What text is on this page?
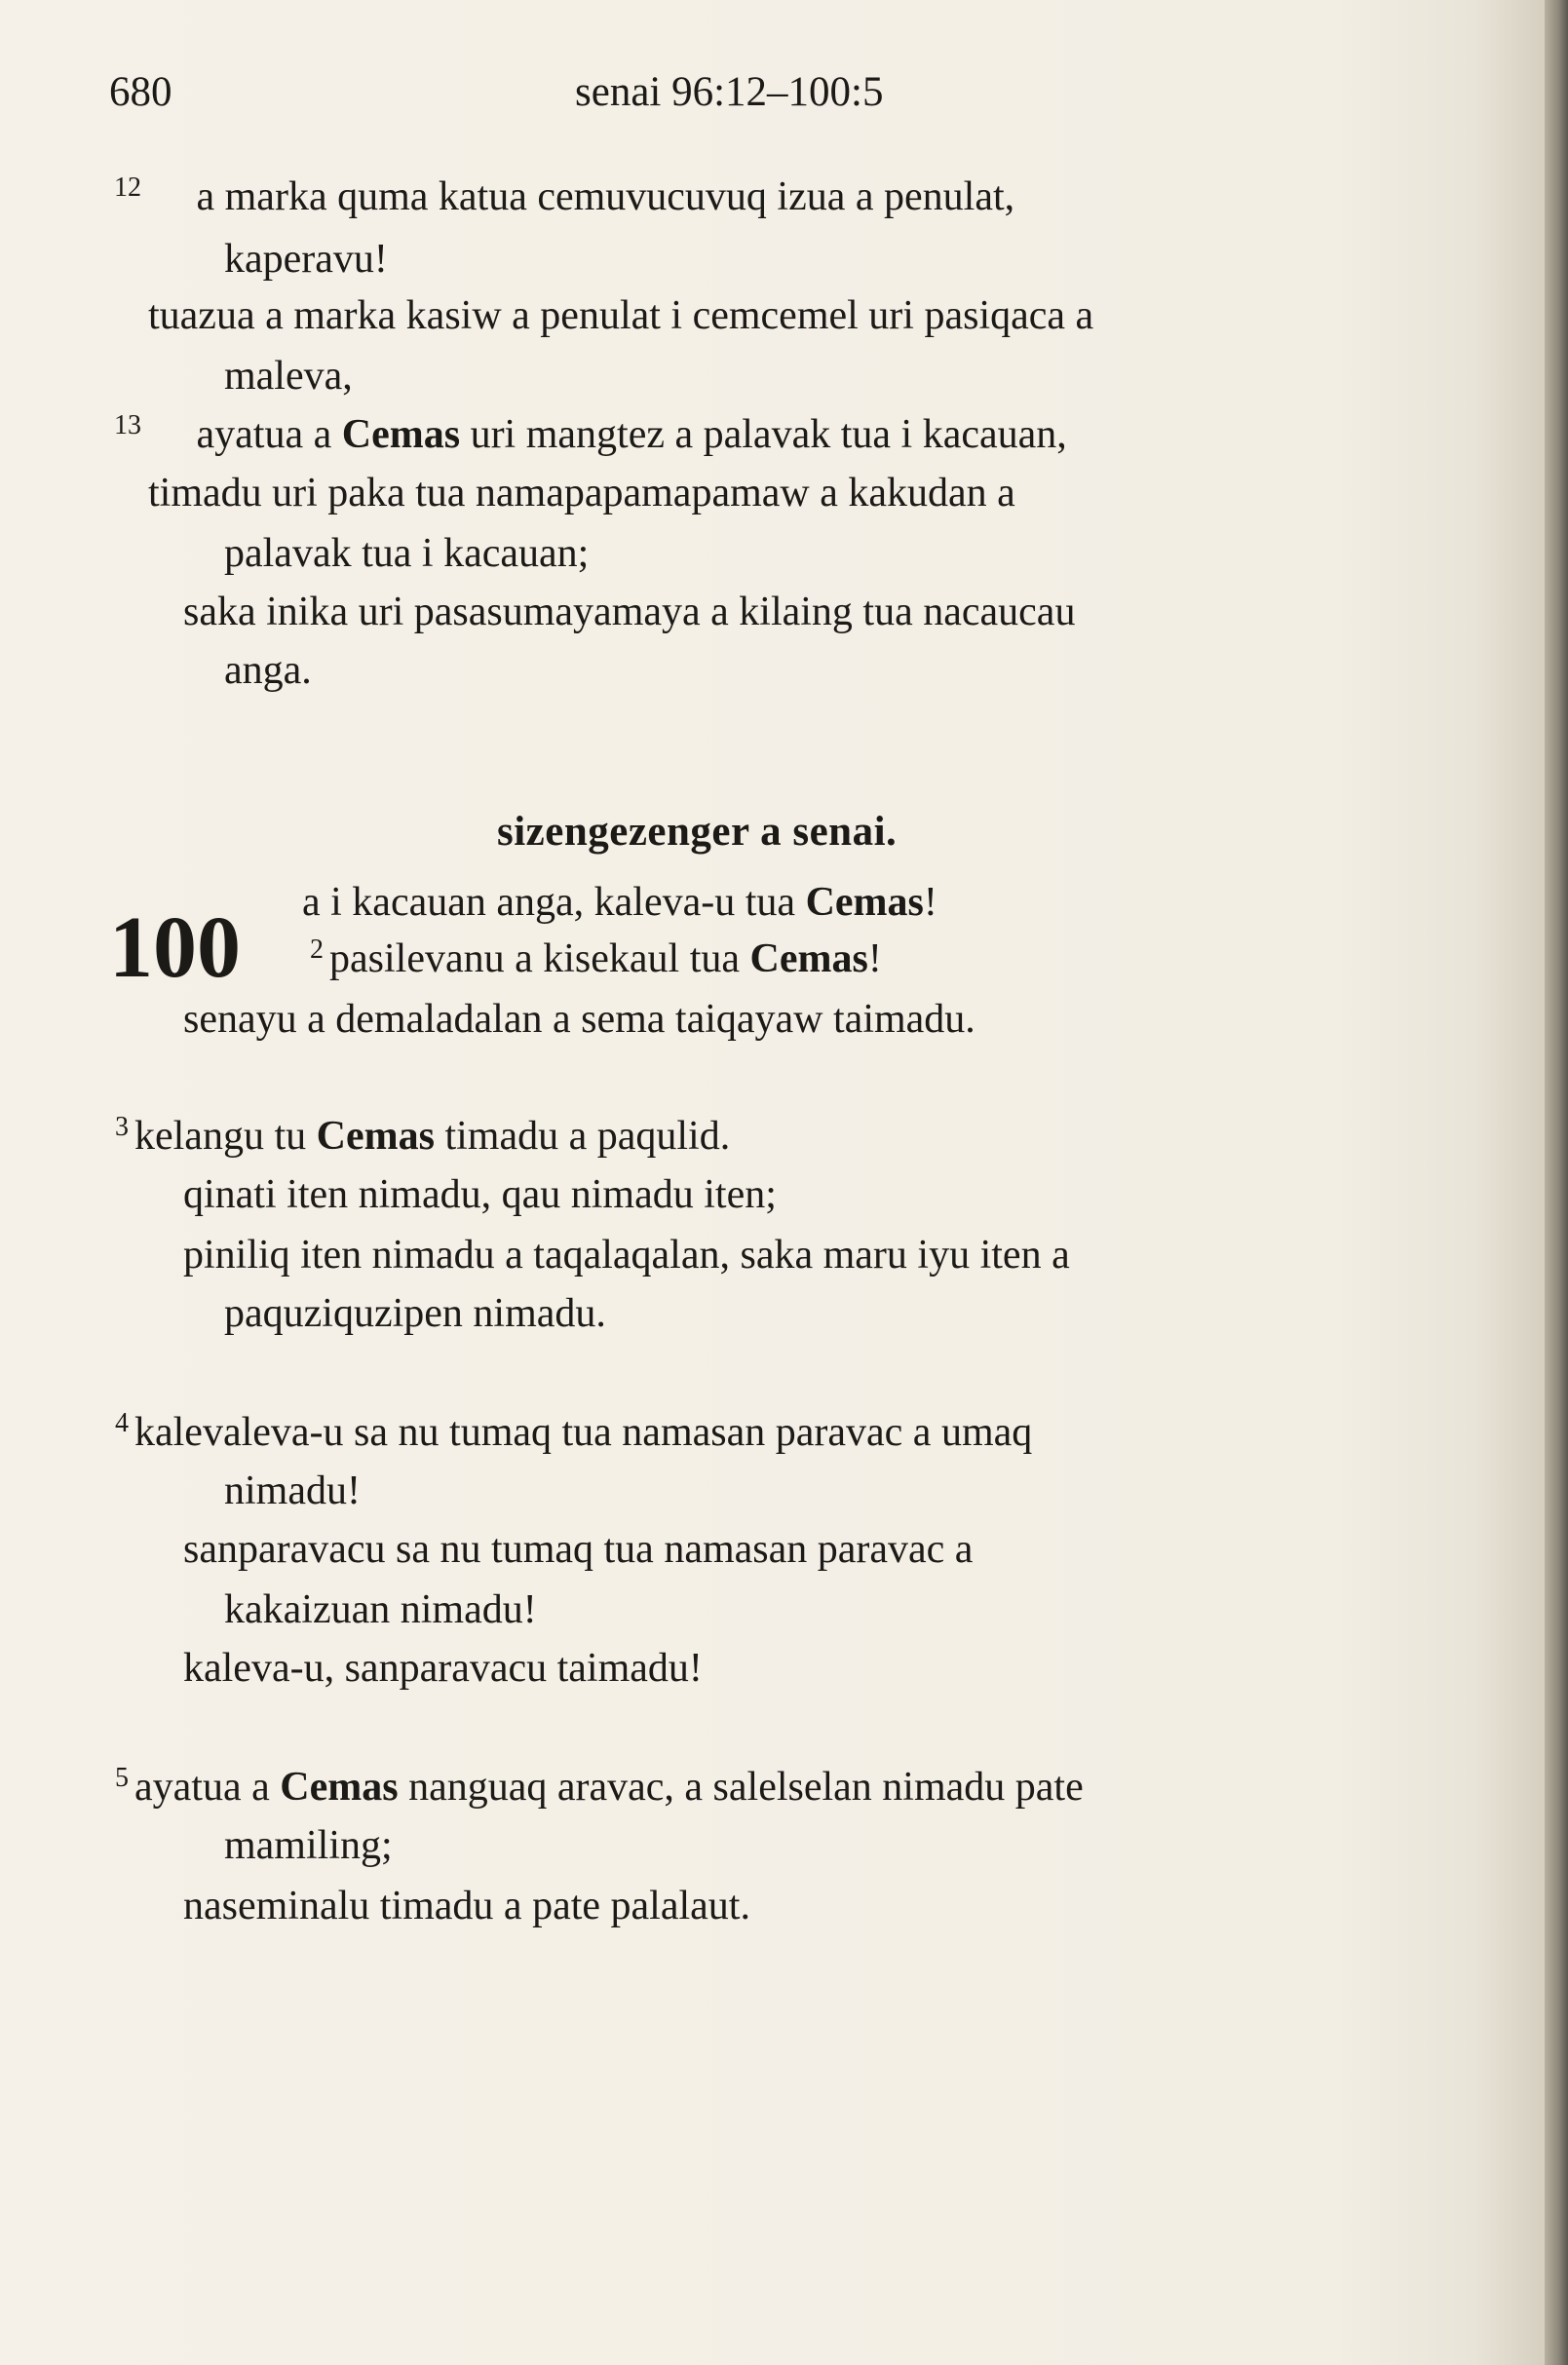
680	senai 96:12–100:5
$^{12}$ a marka quma katua cemuvucuvuq izua a penulat,
kaperavu!
tuazua a marka kasiw a penulat i cemcemel uri pasiqaca a
maleva,
$^{13}$ ayatua a Cemas uri mangtez a palavak tua i kacauan,
timadu uri paka tua namapapamapamaw a kakudan a
palavak tua i kacauan;
saka inika uri pasasumayamaya a kilaing tua nacaucau
anga.
sizengezenger a senai.
100 a i kacauan anga, kaleva-u tua Cemas!
$^2$ pasilevanu a kisekaul tua Cemas!
senayu a demaladalan a sema taiqayaw taimadu.
$^3$ kelangu tu Cemas timadu a paqulid.
qinati iten nimadu, qau nimadu iten;
piniliq iten nimadu a taqalaqalan, saka maru iyu iten a
paquziquzipen nimadu.
$^4$ kalevaleva-u sa nu tumaq tua namasan paravac a umaq
nimadu!
sanparavacu sa nu tumaq tua namasan paravac a
kakaizuan nimadu!
kaleva-u, sanparavacu taimadu!
$^5$ ayatua a Cemas nanguaq aravac, a salelselan nimadu pate
mamiling;
naseminalu timadu a pate palalaut.
